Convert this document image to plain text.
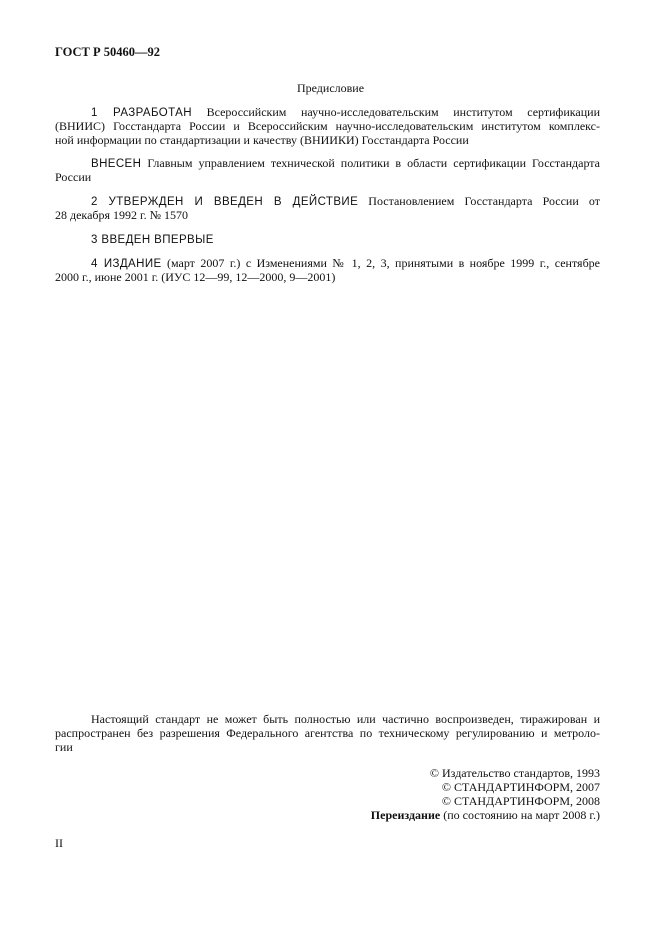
ГОСТ Р 50460—92
Предисловие
1 РАЗРАБОТАН Всероссийским научно-исследовательским институтом сертификации
(ВНИИС) Госстандарта России и Всероссийским научно-исследовательским институтом комплекс-
ной информации по стандартизации и качеству (ВНИИКИ) Госстандарта России
ВНЕСЕН Главным управлением технической политики в области сертификации Госстандарта
России
2 УТВЕРЖДЕН И ВВЕДЕН В ДЕЙСТВИЕ Постановлением Госстандарта России от
28 декабря 1992 г. № 1570
3 ВВЕДЕН ВПЕРВЫЕ
4 ИЗДАНИЕ (март 2007 г.) с Изменениями № 1, 2, 3, принятыми в ноябре 1999 г., сентябре
2000 г., июне 2001 г. (ИУС 12—99, 12—2000, 9—2001)
Настоящий стандарт не может быть полностью или частично воспроизведен, тиражирован и
распространен без разрешения Федерального агентства по техническому регулированию и метроло-
гии
© Издательство стандартов, 1993
© СТАНДАРТИНФОРМ, 2007
© СТАНДАРТИНФОРМ, 2008
Переиздание (по состоянию на март 2008 г.)
II
